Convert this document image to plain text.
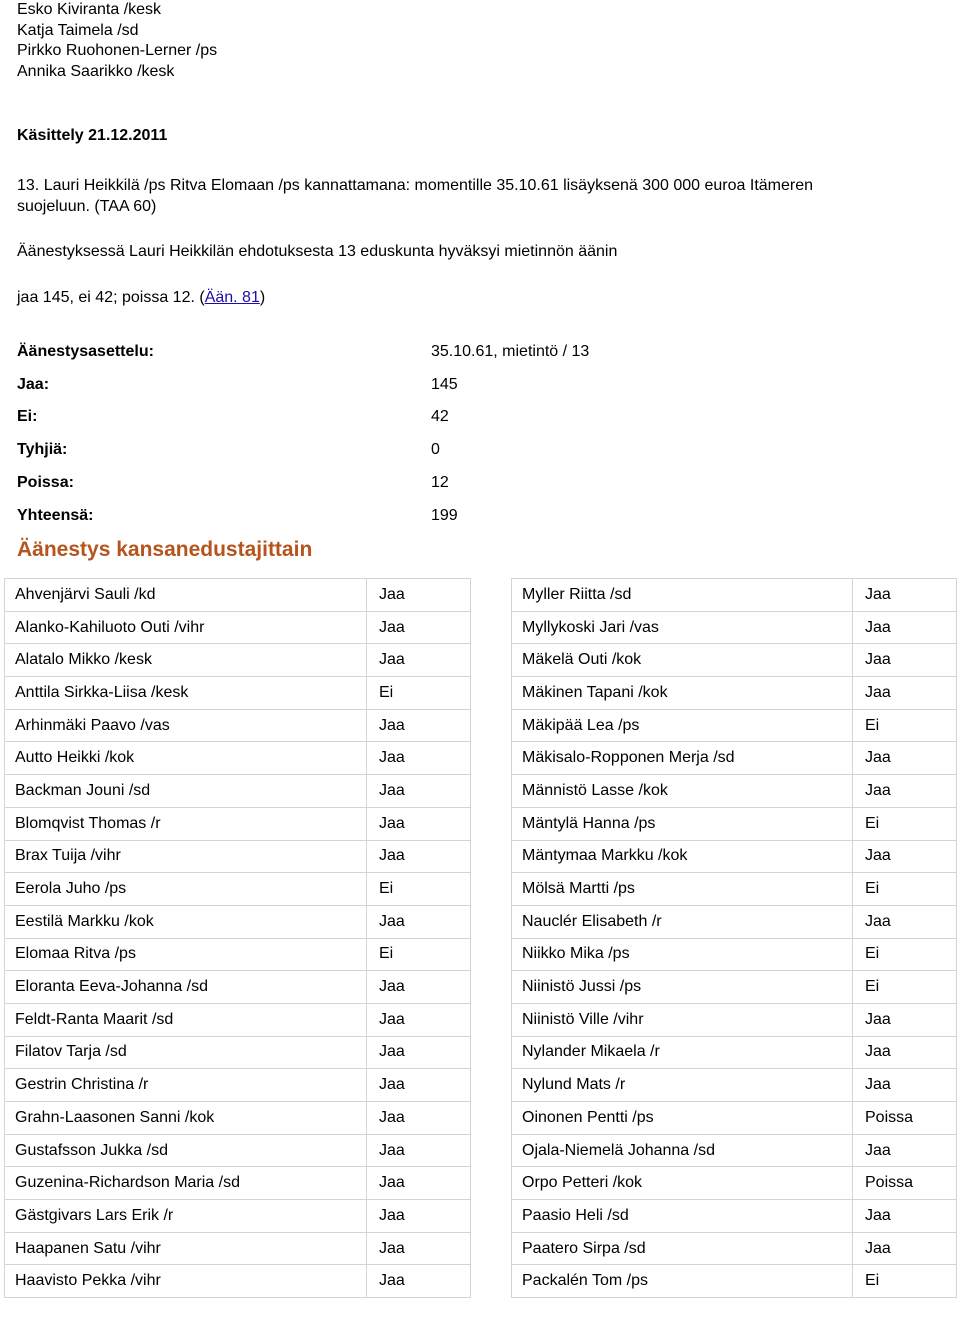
Esko Kiviranta /kesk
Katja Taimela /sd
Pirkko Ruohonen-Lerner /ps
Annika Saarikko /kesk
Käsittely 21.12.2011
13. Lauri Heikkilä /ps Ritva Elomaan /ps kannattamana: momentille 35.10.61 lisäyksenä 300 000 euroa Itämeren
suojeluun. (TAA 60)
Äänestyksessä Lauri Heikkilän ehdotuksesta 13 eduskunta hyväksyi mietinnön äänin
jaa 145, ei 42; poissa 12. (Ään. 81)
Äänestysasettelu:	35.10.61, mietintö / 13
Jaa:	145
Ei:	42
Tyhjiä:	0
Poissa:	12
Yhteensä:	199
Äänestys kansanedustajittain
Ahvenjärvi Sauli /kd	Jaa
Alanko-Kahiluoto Outi /vihr	Jaa
Alatalo Mikko /kesk	Jaa
Anttila Sirkka-Liisa /kesk	Ei
Arhinmäki Paavo /vas	Jaa
Autto Heikki /kok	Jaa
Backman Jouni /sd	Jaa
Blomqvist Thomas /r	Jaa
Brax Tuija /vihr	Jaa
Eerola Juho /ps	Ei
Eestilä Markku /kok	Jaa
Elomaa Ritva /ps	Ei
Eloranta Eeva-Johanna /sd	Jaa
Feldt-Ranta Maarit /sd	Jaa
Filatov Tarja /sd	Jaa
Gestrin Christina /r	Jaa
Grahn-Laasonen Sanni /kok	Jaa
Gustafsson Jukka /sd	Jaa
Guzenina-Richardson Maria /sd	Jaa
Gästgivars Lars Erik /r	Jaa
Haapanen Satu /vihr	Jaa
Haavisto Pekka /vihr	Jaa
Myller Riitta /sd	Jaa
Myllykoski Jari /vas	Jaa
Mäkelä Outi /kok	Jaa
Mäkinen Tapani /kok	Jaa
Mäkipää Lea /ps	Ei
Mäkisalo-Ropponen Merja /sd	Jaa
Männistö Lasse /kok	Jaa
Mäntylä Hanna /ps	Ei
Mäntymaa Markku /kok	Jaa
Mölsä Martti /ps	Ei
Nauclér Elisabeth /r	Jaa
Niikko Mika /ps	Ei
Niinistö Jussi /ps	Ei
Niinistö Ville /vihr	Jaa
Nylander Mikaela /r	Jaa
Nylund Mats /r	Jaa
Oinonen Pentti /ps	Poissa
Ojala-Niemelä Johanna /sd	Jaa
Orpo Petteri /kok	Poissa
Paasio Heli /sd	Jaa
Paatero Sirpa /sd	Jaa
Packalén Tom /ps	Ei
